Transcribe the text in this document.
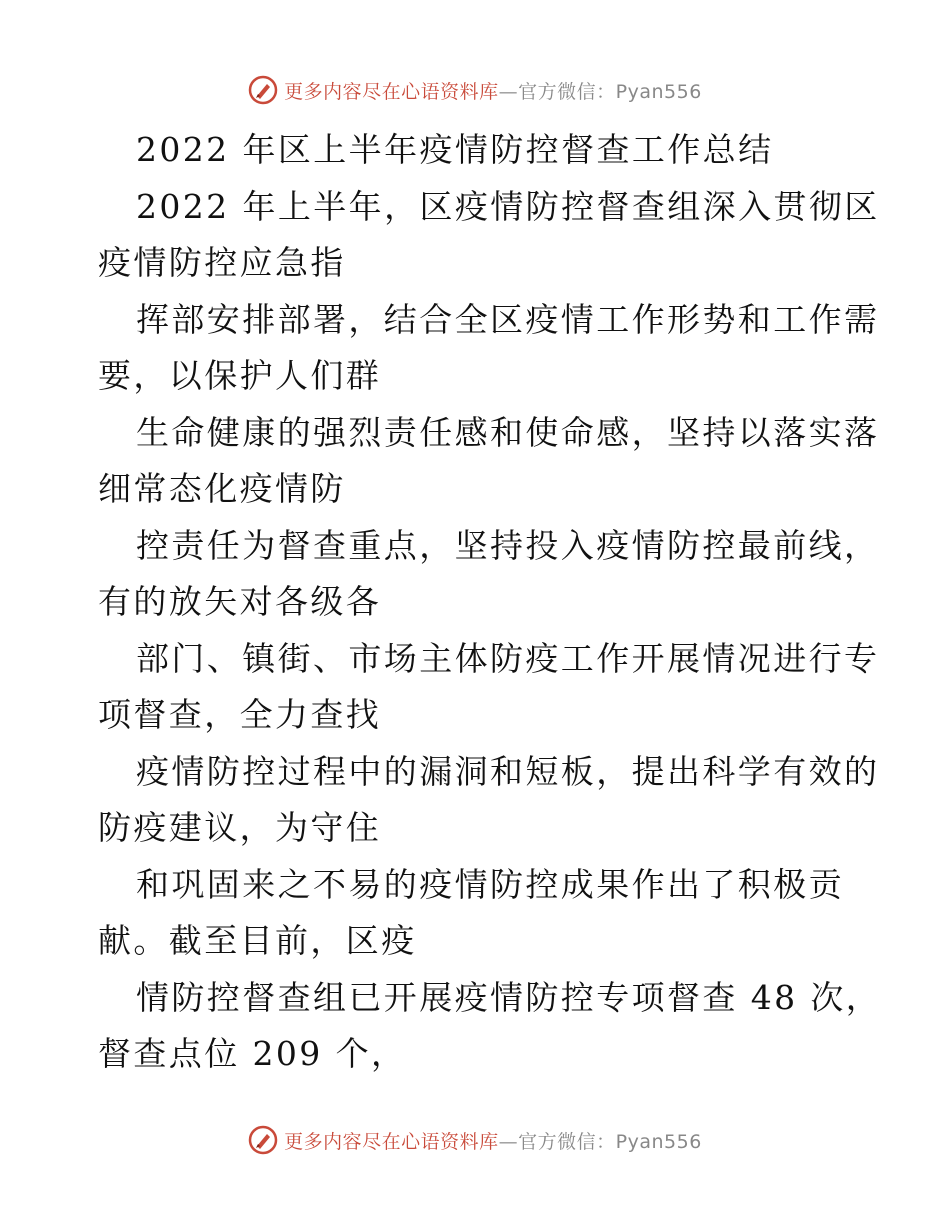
更多内容尽在心语资料库—官方微信：Pyan556
2022 年区上半年疫情防控督查工作总结
2022 年上半年，区疫情防控督查组深入贯彻区
疫情防控应急指
挥部安排部署，结合全区疫情工作形势和工作需
要，以保护人们群
生命健康的强烈责任感和使命感，坚持以落实落
细常态化疫情防
控责任为督查重点，坚持投入疫情防控最前线，
有的放矢对各级各
部门、镇街、市场主体防疫工作开展情况进行专
项督查，全力查找
疫情防控过程中的漏洞和短板，提出科学有效的
防疫建议，为守住
和巩固来之不易的疫情防控成果作出了积极贡
献。截至目前，区疫
情防控督查组已开展疫情防控专项督查 48 次，
督查点位 209 个，
更多内容尽在心语资料库—官方微信：Pyan556
